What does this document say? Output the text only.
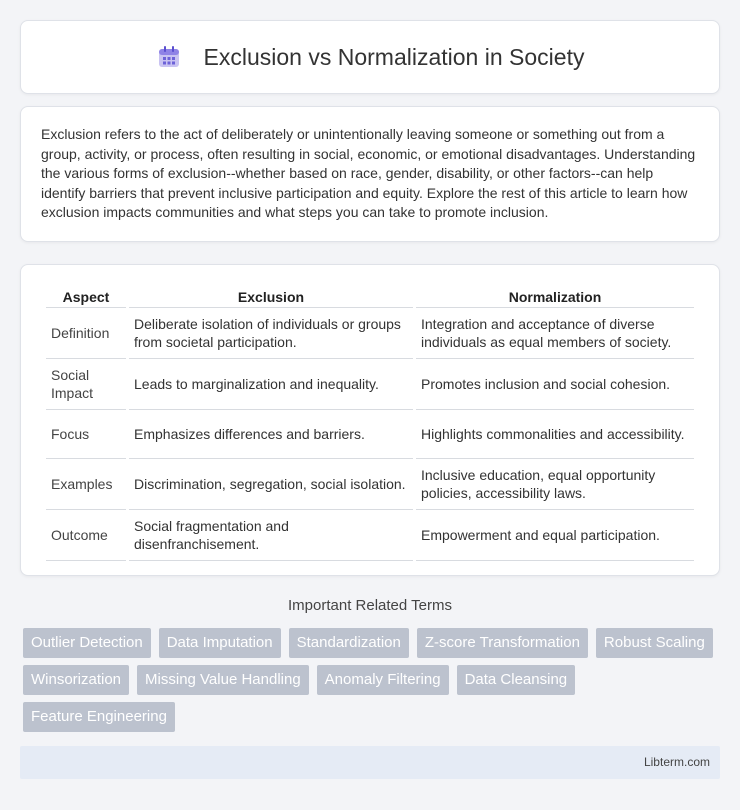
Exclusion vs Normalization in Society

Exclusion refers to the act of deliberately or unintentionally leaving someone or something out from a group, activity, or process, often resulting in social, economic, or emotional disadvantages. Understanding the various forms of exclusion--whether based on race, gender, disability, or other factors--can help identify barriers that prevent inclusive participation and equity. Explore the rest of this article to learn how exclusion impacts communities and what steps you can take to promote inclusion.

Aspect	Exclusion	Normalization
Definition	Deliberate isolation of individuals or groups from societal participation.	Integration and acceptance of diverse individuals as equal members of society.
Social Impact	Leads to marginalization and inequality.	Promotes inclusion and social cohesion.
Focus	Emphasizes differences and barriers.	Highlights commonalities and accessibility.
Examples	Discrimination, segregation, social isolation.	Inclusive education, equal opportunity policies, accessibility laws.
Outcome	Social fragmentation and disenfranchisement.	Empowerment and equal participation.
Important Related Terms
Outlier Detection	Data Imputation	Standardization	Z-score Transformation	Robust Scaling
Winsorization	Missing Value Handling	Anomaly Filtering	Data Cleansing
Feature Engineering
Libterm.com
